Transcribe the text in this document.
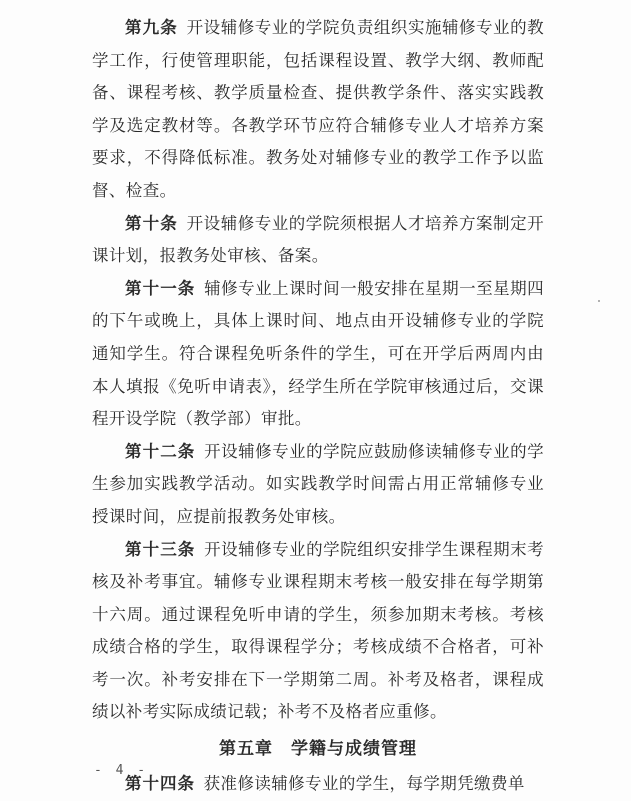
第九条  开设辅修专业的学院负责组织实施辅修专业的教学工作，行使管理职能，包括课程设置、教学大纲、教师配备、课程考核、教学质量检查、提供教学条件、落实实践教学及选定教材等。各教学环节应符合辅修专业人才培养方案要求，不得降低标准。教务处对辅修专业的教学工作予以监督、检查。

第十条  开设辅修专业的学院须根据人才培养方案制定开课计划，报教务处审核、备案。

第十一条  辅修专业上课时间一般安排在星期一至星期四的下午或晚上，具体上课时间、地点由开设辅修专业的学院通知学生。符合课程免听条件的学生，可在开学后两周内由本人填报《免听申请表》，经学生所在学院审核通过后，交课程开设学院（教学部）审批。

第十二条  开设辅修专业的学院应鼓励修读辅修专业的学生参加实践教学活动。如实践教学时间需占用正常辅修专业授课时间，应提前报教务处审核。

第十三条  开设辅修专业的学院组织安排学生课程期末考核及补考事宜。辅修专业课程期末考核一般安排在每学期第十六周。通过课程免听申请的学生，须参加期末考核。考核成绩合格的学生，取得课程学分；考核成绩不合格者，可补考一次。补考安排在下一学期第二周。补考及格者，课程成绩以补考实际成绩记载；补考不及格者应重修。

第五章　学籍与成绩管理

第十四条  获准修读辅修专业的学生，每学期凭缴费单

- 4 -
